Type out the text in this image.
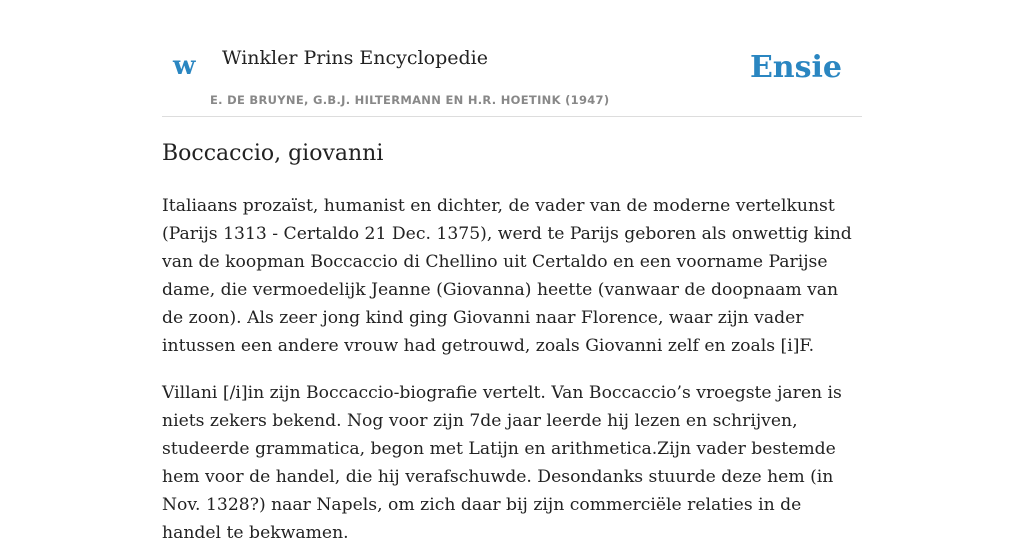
w Winkler Prins Encyclopedie
E. DE BRUYNE, G.B.J. HILTERMANN EN H.R. HOETINK (1947)
Ensie
Boccaccio, giovanni

Italiaans prozaïst, humanist en dichter, de vader van de moderne vertelkunst (Parijs 1313 - Certaldo 21 Dec. 1375), werd te Parijs geboren als onwettig kind van de koopman Boccaccio di Chellino uit Certaldo en een voorname Parijse dame, die vermoedelijk Jeanne (Giovanna) heette (vanwaar de doopnaam van de zoon). Als zeer jong kind ging Giovanni naar Florence, waar zijn vader intussen een andere vrouw had getrouwd, zoals Giovanni zelf en zoals [i]F.

Villani [/i]in zijn Boccaccio-biografie vertelt. Van Boccaccio’s vroegste jaren is niets zekers bekend. Nog voor zijn 7de jaar leerde hij lezen en schrijven, studeerde grammatica, begon met Latijn en arithmetica.Zijn vader bestemde hem voor de handel, die hij verafschuwde. Desondanks stuurde deze hem (in Nov. 1328?) naar Napels, om zich daar bij zijn commerciële relaties in de handel te bekwamen.
